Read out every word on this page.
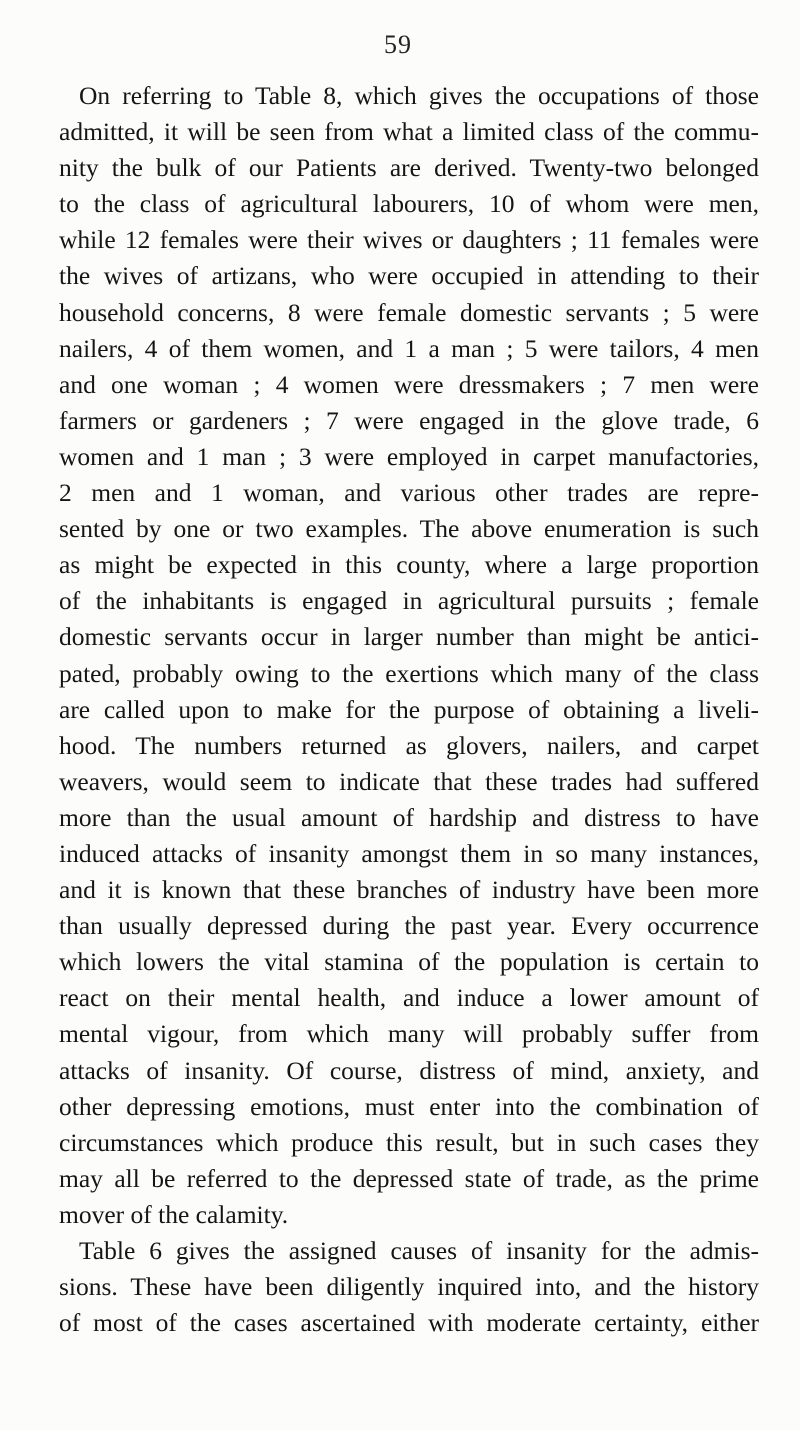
59
On referring to Table 8, which gives the occupations of those
admitted, it will be seen from what a limited class of the commu-
nity the bulk of our Patients are derived. Twenty-two belonged
to the class of agricultural labourers, 10 of whom were men,
while 12 females were their wives or daughters ; 11 females were
the wives of artizans, who were occupied in attending to their
household concerns, 8 were female domestic servants ; 5 were
nailers, 4 of them women, and 1 a man ; 5 were tailors, 4 men
and one woman ; 4 women were dressmakers ; 7 men were
farmers or gardeners ; 7 were engaged in the glove trade, 6
women and 1 man ; 3 were employed in carpet manufactories,
2 men and 1 woman, and various other trades are repre-
sented by one or two examples. The above enumeration is such
as might be expected in this county, where a large proportion
of the inhabitants is engaged in agricultural pursuits ; female
domestic servants occur in larger number than might be antici-
pated, probably owing to the exertions which many of the class
are called upon to make for the purpose of obtaining a liveli-
hood. The numbers returned as glovers, nailers, and carpet
weavers, would seem to indicate that these trades had suffered
more than the usual amount of hardship and distress to have
induced attacks of insanity amongst them in so many instances,
and it is known that these branches of industry have been more
than usually depressed during the past year. Every occurrence
which lowers the vital stamina of the population is certain to
react on their mental health, and induce a lower amount of
mental vigour, from which many will probably suffer from
attacks of insanity. Of course, distress of mind, anxiety, and
other depressing emotions, must enter into the combination of
circumstances which produce this result, but in such cases they
may all be referred to the depressed state of trade, as the prime
mover of the calamity.
Table 6 gives the assigned causes of insanity for the admis-
sions. These have been diligently inquired into, and the history
of most of the cases ascertained with moderate certainty, either
